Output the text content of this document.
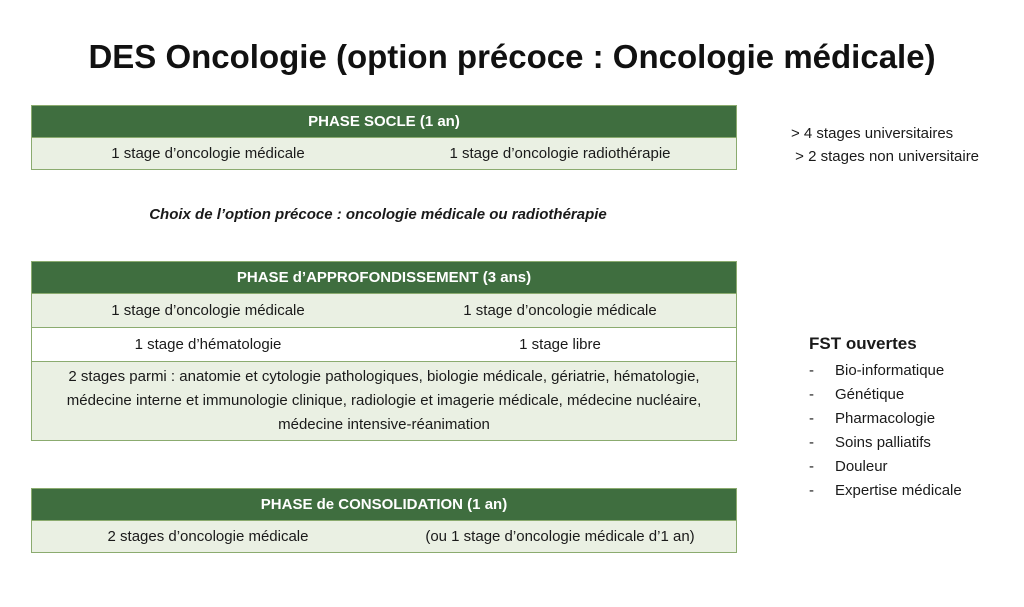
DES Oncologie (option précoce : Oncologie médicale)
PHASE SOCLE (1 an)
1 stage d’oncologie médicale	1 stage d’oncologie radiothérapie
Choix de l’option précoce : oncologie médicale ou radiothérapie
PHASE d’APPROFONDISSEMENT (3 ans)
1 stage d’oncologie médicale	1 stage d’oncologie médicale
1 stage d’hématologie	1 stage libre
2 stages parmi : anatomie et cytologie pathologiques, biologie médicale, gériatrie, hématologie, médecine interne et immunologie clinique, radiologie et imagerie médicale, médecine nucléaire, médecine intensive-réanimation
PHASE de CONSOLIDATION (1 an)
2 stages d’oncologie médicale	(ou 1 stage d’oncologie médicale d’1 an)
> 4 stages universitaires
> 2 stages non universitaire
FST ouvertes
-	Bio-informatique
-	Génétique
-	Pharmacologie
-	Soins palliatifs
-	Douleur
-	Expertise médicale
